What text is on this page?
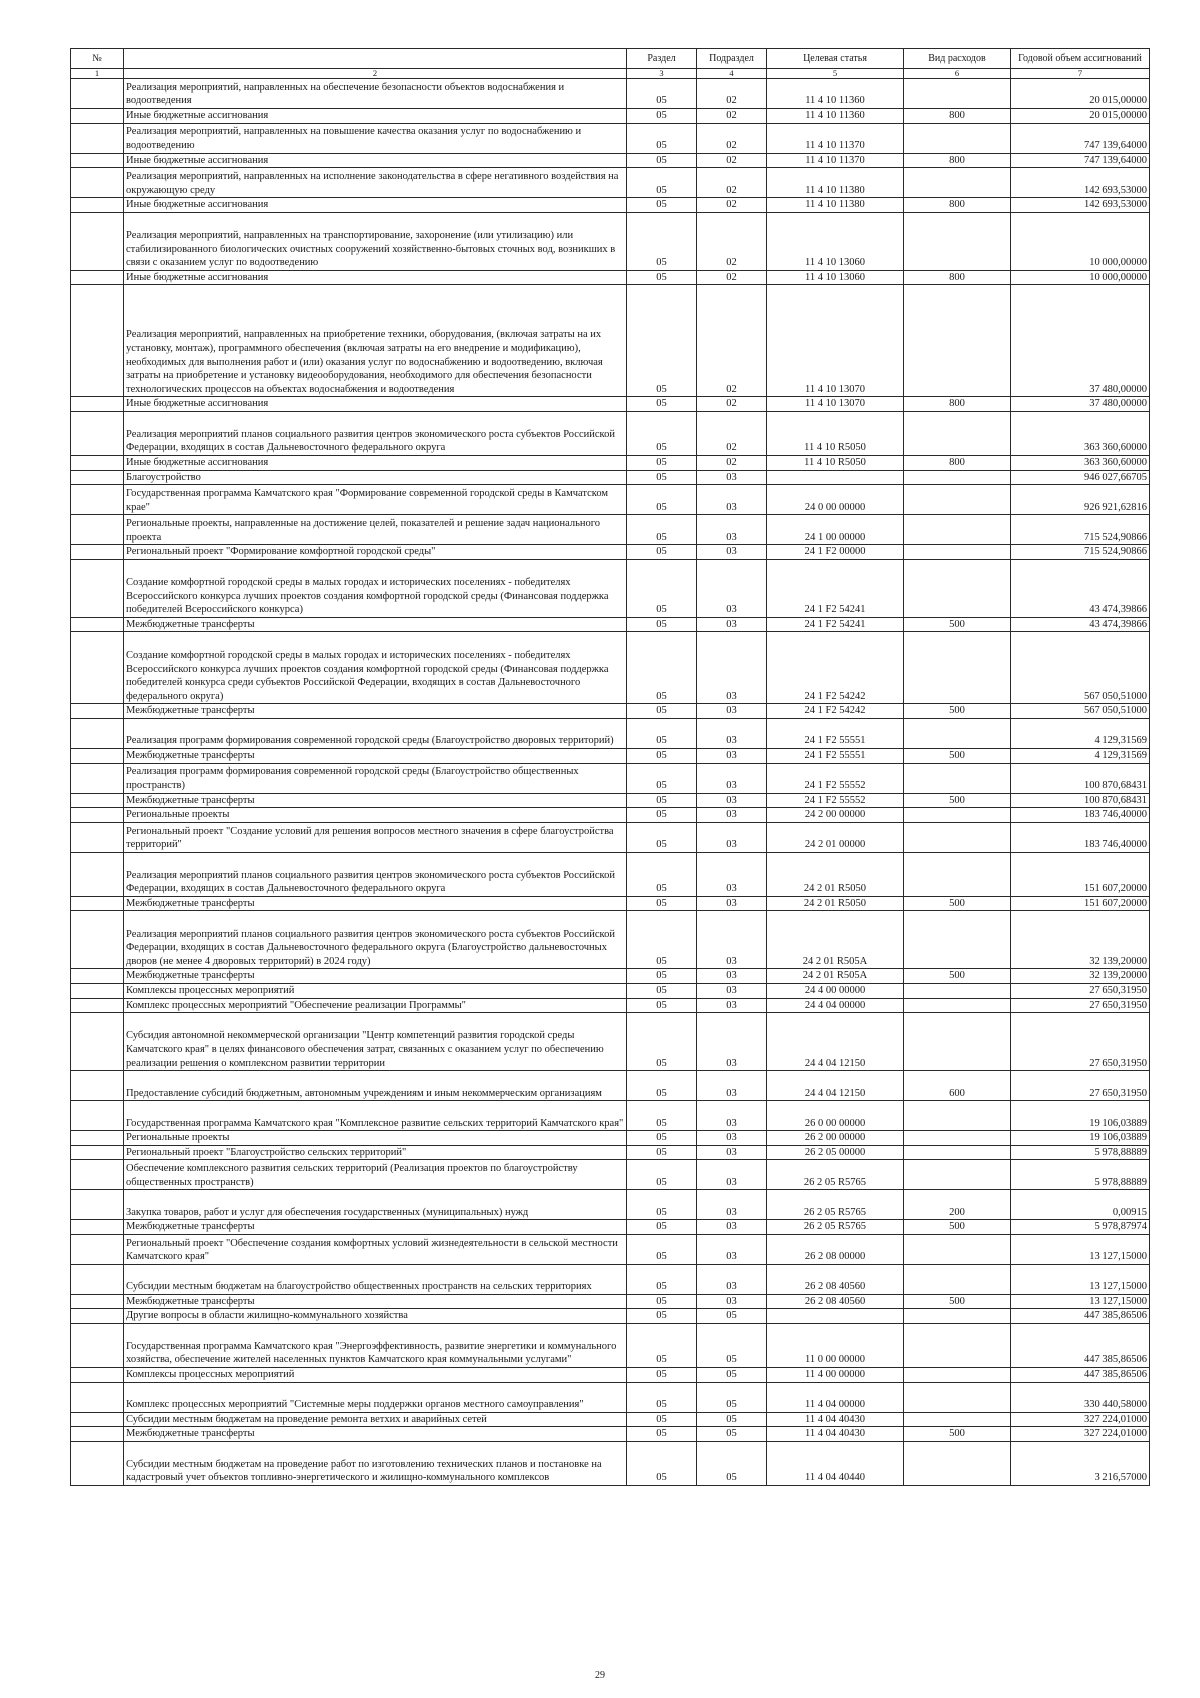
№		Раздел	Подраздел	Целевая статья	Вид расходов	Годовой объем ассигнований
1	2	3	4	5	6	7
	Реализация мероприятий, направленных на обеспечение безопасности объектов водоснабжения и водоотведения	05	02	11 4 10 11360		20 015,00000
	Иные бюджетные ассигнования	05	02	11 4 10 11360	800	20 015,00000
	Реализация мероприятий, направленных на повышение качества оказания услуг по водоснабжению и водоотведению	05	02	11 4 10 11370		747 139,64000
	Иные бюджетные ассигнования	05	02	11 4 10 11370	800	747 139,64000
	Реализация мероприятий, направленных на исполнение законодательства в сфере негативного воздействия на окружающую среду	05	02	11 4 10 11380		142 693,53000
	Иные бюджетные ассигнования	05	02	11 4 10 11380	800	142 693,53000
	Реализация мероприятий, направленных на транспортирование, захоронение (или утилизацию) или стабилизированного биологических очистных сооружений хозяйственно-бытовых сточных вод, возникших в связи с оказанием услуг по водоотведению	05	02	11 4 10 13060		10 000,00000
	Иные бюджетные ассигнования	05	02	11 4 10 13060	800	10 000,00000
	Реализация мероприятий, направленных на приобретение техники, оборудования, (включая затраты на их установку, монтаж), программного обеспечения (включая затраты на его внедрение и модификацию), необходимых для выполнения работ и (или) оказания услуг по водоснабжению и водоотведению, включая затраты на приобретение и установку видеооборудования, необходимого для обеспечения безопасности технологических процессов на объектах водоснабжения и водоотведения	05	02	11 4 10 13070		37 480,00000
	Иные бюджетные ассигнования	05	02	11 4 10 13070	800	37 480,00000
	Реализация мероприятий планов социального развития центров экономического роста субъектов Российской Федерации, входящих в состав Дальневосточного федерального округа	05	02	11 4 10 R5050		363 360,60000
	Иные бюджетные ассигнования	05	02	11 4 10 R5050	800	363 360,60000
	Благоустройство	05	03			946 027,66705
	Государственная программа Камчатского края "Формирование современной городской среды в Камчатском крае"	05	03	24 0 00 00000		926 921,62816
	Региональные проекты, направленные на достижение целей, показателей и решение задач национального проекта	05	03	24 1 00 00000		715 524,90866
	Региональный проект "Формирование комфортной городской среды"	05	03	24 1 F2 00000		715 524,90866
	Создание комфортной городской среды в малых городах и исторических поселениях - победителях Всероссийского конкурса лучших проектов создания комфортной городской среды (Финансовая поддержка победителей Всероссийского конкурса)	05	03	24 1 F2 54241		43 474,39866
	Межбюджетные трансферты	05	03	24 1 F2 54241	500	43 474,39866
	Создание комфортной городской среды в малых городах и исторических поселениях - победителях Всероссийского конкурса лучших проектов создания комфортной городской среды (Финансовая поддержка победителей конкурса среди субъектов Российской Федерации, входящих в состав Дальневосточного федерального округа)	05	03	24 1 F2 54242		567 050,51000
	Межбюджетные трансферты	05	03	24 1 F2 54242	500	567 050,51000
	Реализация программ формирования современной городской среды (Благоустройство дворовых территорий)	05	03	24 1 F2 55551		4 129,31569
	Межбюджетные трансферты	05	03	24 1 F2 55551	500	4 129,31569
	Реализация программ формирования современной городской среды (Благоустройство общественных пространств)	05	03	24 1 F2 55552		100 870,68431
	Межбюджетные трансферты	05	03	24 1 F2 55552	500	100 870,68431
	Региональные проекты	05	03	24 2 00 00000		183 746,40000
	Региональный проект "Создание условий для решения вопросов местного значения в сфере благоустройства территорий"	05	03	24 2 01 00000		183 746,40000
	Реализация мероприятий планов социального развития центров экономического роста субъектов Российской Федерации, входящих в состав Дальневосточного федерального округа	05	03	24 2 01 R5050		151 607,20000
	Межбюджетные трансферты	05	03	24 2 01 R5050	500	151 607,20000
	Реализация мероприятий планов социального развития центров экономического роста субъектов Российской Федерации, входящих в состав Дальневосточного федерального округа (Благоустройство дальневосточных дворов (не менее 4 дворовых территорий) в 2024 году)	05	03	24 2 01 R505A		32 139,20000
	Межбюджетные трансферты	05	03	24 2 01 R505A	500	32 139,20000
	Комплексы процессных мероприятий	05	03	24 4 00 00000		27 650,31950
	Комплекс процессных мероприятий "Обеспечение реализации Программы"	05	03	24 4 04 00000		27 650,31950
	Субсидия автономной некоммерческой организации "Центр компетенций развития городской среды Камчатского края" в целях финансового обеспечения затрат, связанных с оказанием услуг по обеспечению реализации решения о комплексном развитии территории	05	03	24 4 04 12150		27 650,31950
	Предоставление субсидий бюджетным, автономным учреждениям и иным некоммерческим организациям	05	03	24 4 04 12150	600	27 650,31950
	Государственная программа Камчатского края "Комплексное развитие сельских территорий Камчатского края"	05	03	26 0 00 00000		19 106,03889
	Региональные проекты	05	03	26 2 00 00000		19 106,03889
	Региональный проект "Благоустройство сельских территорий"	05	03	26 2 05 00000		5 978,88889
	Обеспечение комплексного развития сельских территорий (Реализация проектов по благоустройству общественных пространств)	05	03	26 2 05 R5765		5 978,88889
	Закупка товаров, работ и услуг для обеспечения государственных (муниципальных) нужд	05	03	26 2 05 R5765	200	0,00915
	Межбюджетные трансферты	05	03	26 2 05 R5765	500	5 978,87974
	Региональный проект "Обеспечение создания комфортных условий жизнедеятельности в сельской местности Камчатского края"	05	03	26 2 08 00000		13 127,15000
	Субсидии местным бюджетам на благоустройство общественных пространств на сельских территориях	05	03	26 2 08 40560		13 127,15000
	Межбюджетные трансферты	05	03	26 2 08 40560	500	13 127,15000
	Другие вопросы в области жилищно-коммунального хозяйства	05	05			447 385,86506
	Государственная программа Камчатского края "Энергоэффективность, развитие энергетики и коммунального хозяйства, обеспечение жителей населенных пунктов Камчатского края коммунальными услугами"	05	05	11 0 00 00000		447 385,86506
	Комплексы процессных мероприятий	05	05	11 4 00 00000		447 385,86506
	Комплекс процессных мероприятий "Системные меры поддержки органов местного самоуправления"	05	05	11 4 04 00000		330 440,58000
	Субсидии местным бюджетам на проведение ремонта ветхих и аварийных сетей	05	05	11 4 04 40430		327 224,01000
	Межбюджетные трансферты	05	05	11 4 04 40430	500	327 224,01000
	Субсидии местным бюджетам на проведение работ по изготовлению технических планов и постановке на кадастровый учет объектов топливно-энергетического и жилищно-коммунального комплексов	05	05	11 4 04 40440		3 216,57000
29
